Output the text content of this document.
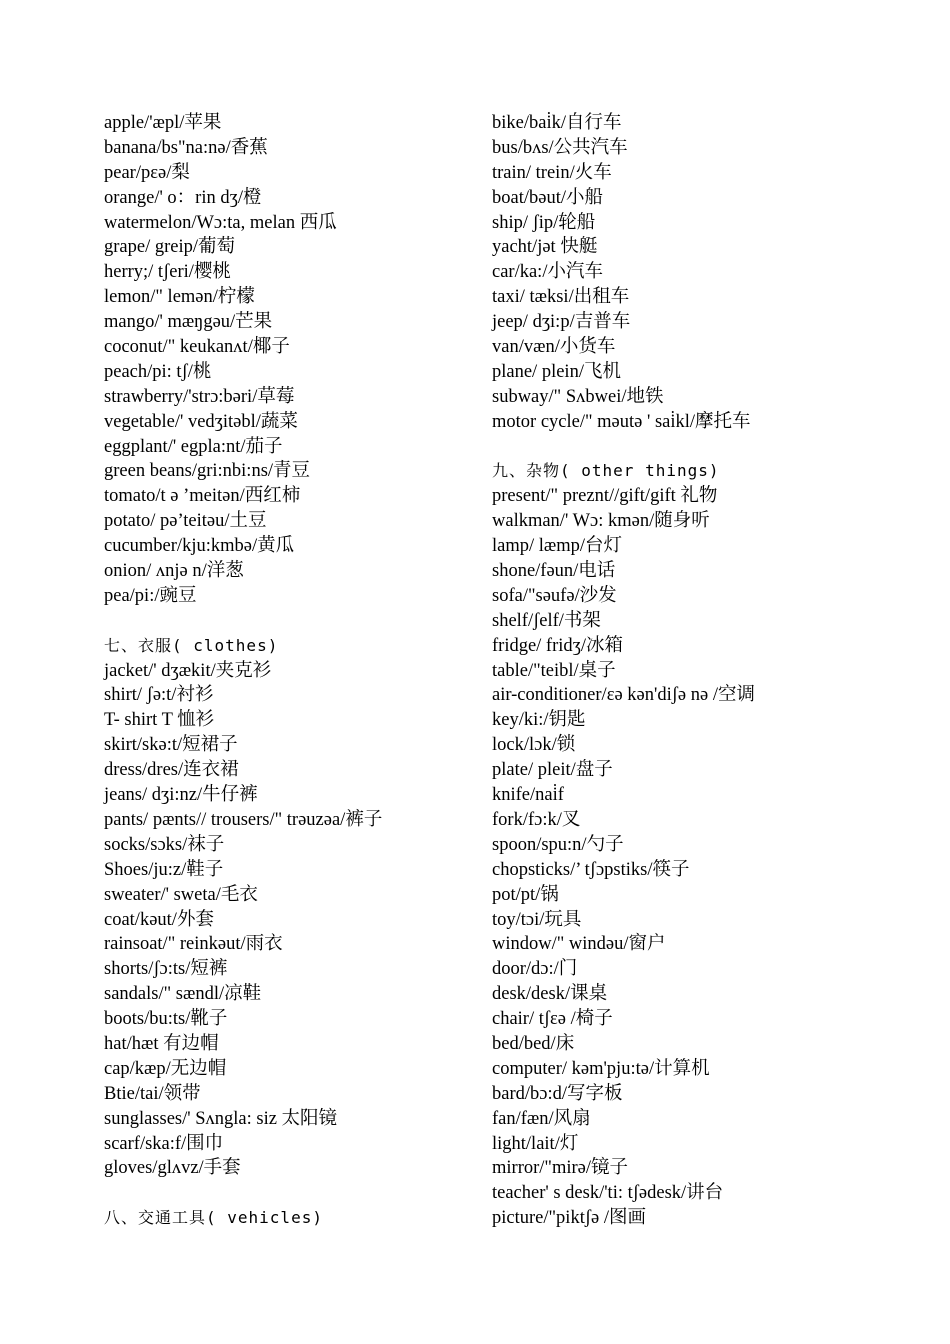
apple/'æpl/苹果
banana/bs"na:nə/香蕉
pear/pɛə/梨
orange/' o：rin dʒ/橙
watermelon/Wɔ:ta, melan 西瓜
grape/ greip/葡萄
herry;/ tʃeri/樱桃
lemon/" lemən/柠檬
mango/' mæŋgəu/芒果
coconut/" keukanʌt/椰子
peach/pi: tʃ/桃
strawberry/'strɔ:bəri/草莓
vegetable/' vedʒitəbl/蔬菜
eggplant/' egpla:nt/茄子
green beans/gri:nbi:ns/青豆
tomato/t ə ’meitən/西红柿
potato/ pə’teitəu/土豆
cucumber/kju:kmbə/黄瓜
onion/ ʌnjə n/洋葱
pea/pi:/豌豆
七、衣服( clothes)
jacket/' dʒækit/夹克衫
shirt/ ʃə:t/衬衫
T- shirt T 恤衫
skirt/skə:t/短裙子
dress/dres/连衣裙
jeans/ dʒi:nz/牛仔裤
pants/ pænts// trousers/" trəuzəa/裤子
socks/sɔks/袜子
Shoes/ju:z/鞋子
sweater/' sweta/毛衣
coat/kəut/外套
rainsoat/" reinkəut/雨衣
shorts/ʃɔ:ts/短裤
sandals/" sændl/凉鞋
boots/bu:ts/靴子
hat/hæt 有边帽
cap/kæp/无边帽
Btie/tai/领带
sunglasses/' Sʌngla: siz 太阳镜
scarf/ska:f/围巾
gloves/glʌvz/手套
八、交通工具( vehicles)
bike/bai̇k/自行车
bus/bʌs/公共汽车
train/ trein/火车
boat/bəut/小船
ship/ ʃip/轮船
yacht/jət 快艇
car/ka:/小汽车
taxi/ tæksi/出租车
jeep/ dʒi:p/吉普车
van/væn/小货车
plane/ plein/飞机
subway/" Sʌbwei/地铁
motor cycle/" məutə ' sai̇kl/摩托车
九、杂物( other things)
present/" preznt//gift/gift 礼物
walkman/' Wɔ: kmən/随身听
lamp/ læmp/台灯
shone/fəun/电话
sofa/"səufə/沙发
shelf/ʃelf/书架
fridge/ fridʒ/冰箱
table/"teibl/桌子
air-conditioner/ɛə kən'diʃə nə /空调
key/ki:/钥匙
lock/lɔk/锁
plate/ pleit/盘子
knife/nai̇f
fork/fɔ:k/叉
spoon/spu:n/勺子
chopsticks/’ tʃɔpstiks/筷子
pot/pt/锅
toy/tɔi/玩具
window/" windəu/窗户
door/dɔ:/门
desk/desk/课桌
chair/ tʃɛə /椅子
bed/bed/床
computer/ kəm'pju:tə/计算机
bard/bɔ:d/写字板
fan/fæn/风扇
light/lait/灯
mirror/"mirə/镜子
teacher' s desk/'ti: tʃədesk/讲台
picture/"piktʃə /图画
